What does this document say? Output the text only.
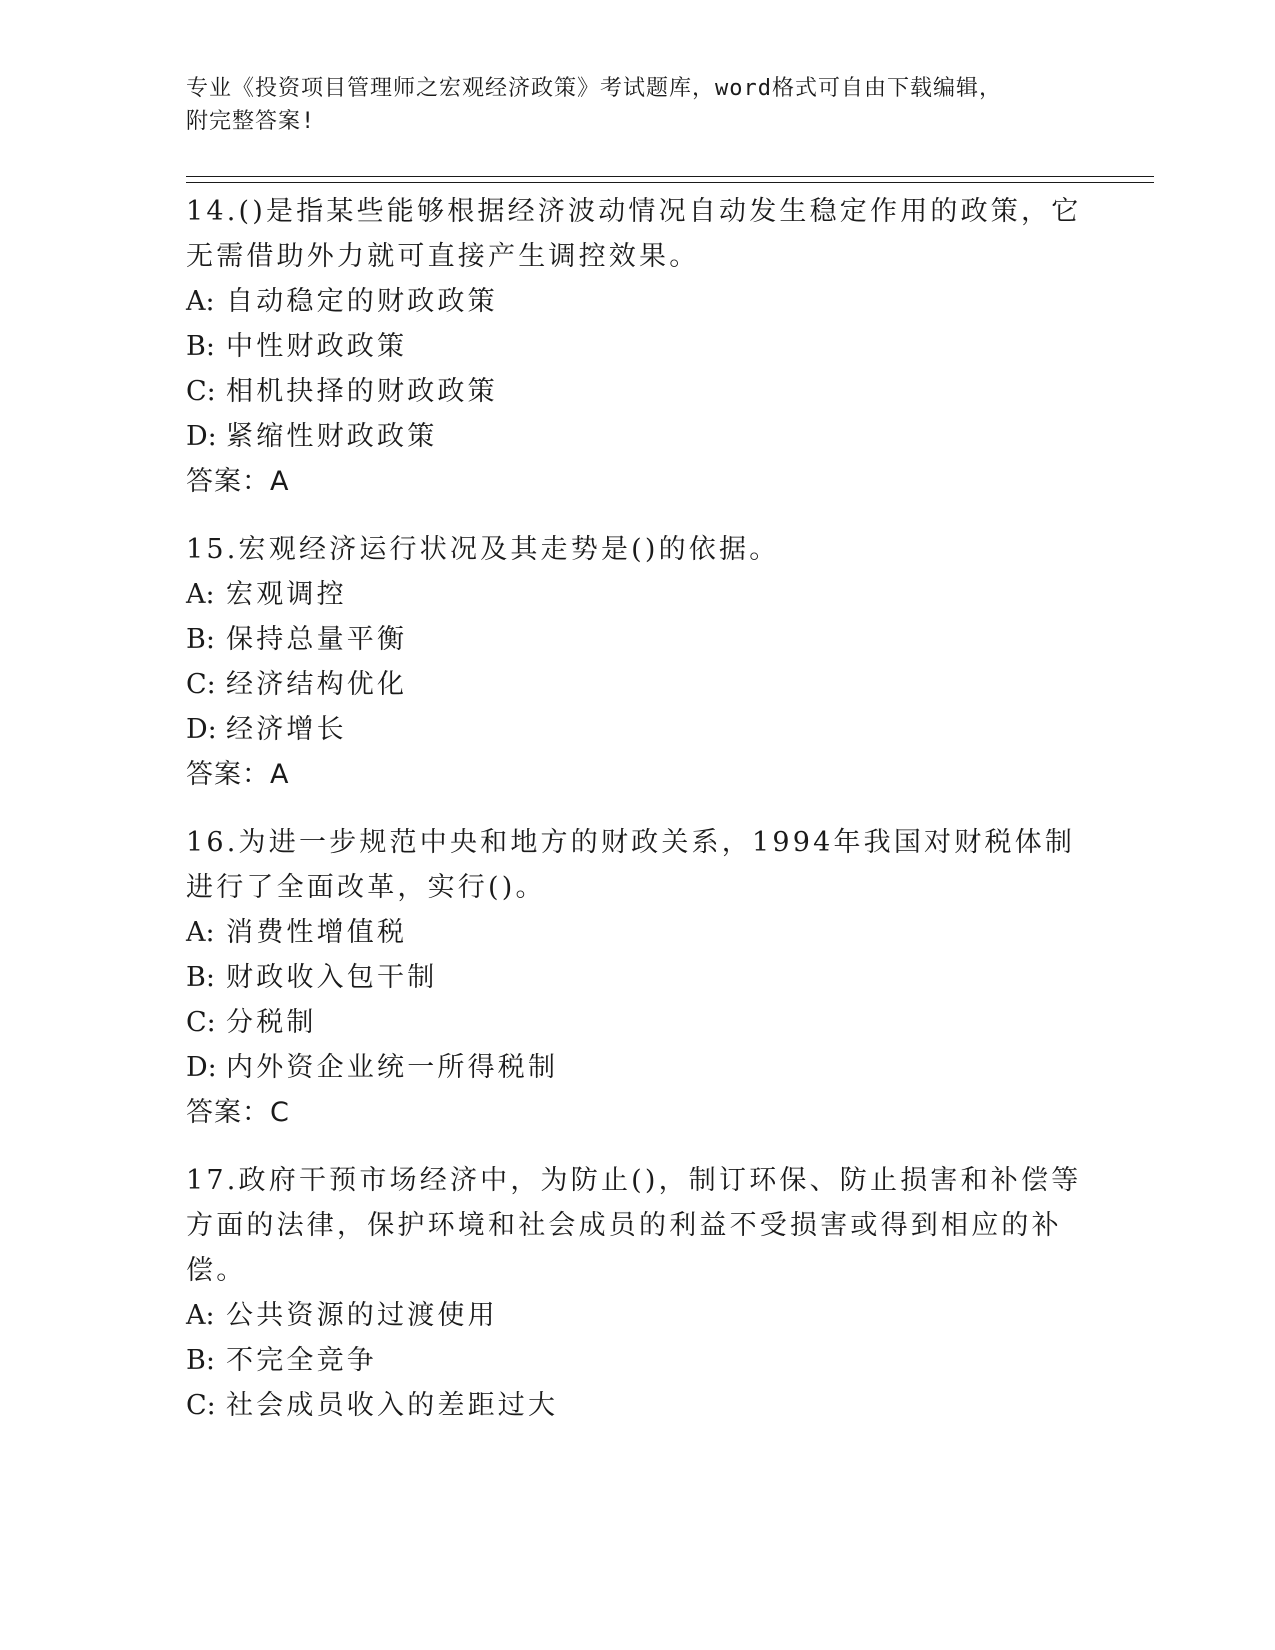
专业《投资项目管理师之宏观经济政策》考试题库，word格式可自由下载编辑，
附完整答案!
14.()是指某些能够根据经济波动情况自动发生稳定作用的政策，它无需借助外力就可直接产生调控效果。
A: 自动稳定的财政政策
B: 中性财政政策
C: 相机抉择的财政政策
D: 紧缩性财政政策
答案：A
15.宏观经济运行状况及其走势是()的依据。
A: 宏观调控
B: 保持总量平衡
C: 经济结构优化
D: 经济增长
答案：A
16.为进一步规范中央和地方的财政关系，1994年我国对财税体制进行了全面改革，实行()。
A: 消费性增值税
B: 财政收入包干制
C: 分税制
D: 内外资企业统一所得税制
答案：C
17.政府干预市场经济中，为防止()，制订环保、防止损害和补偿等方面的法律，保护环境和社会成员的利益不受损害或得到相应的补偿。
A: 公共资源的过渡使用
B: 不完全竞争
C: 社会成员收入的差距过大
